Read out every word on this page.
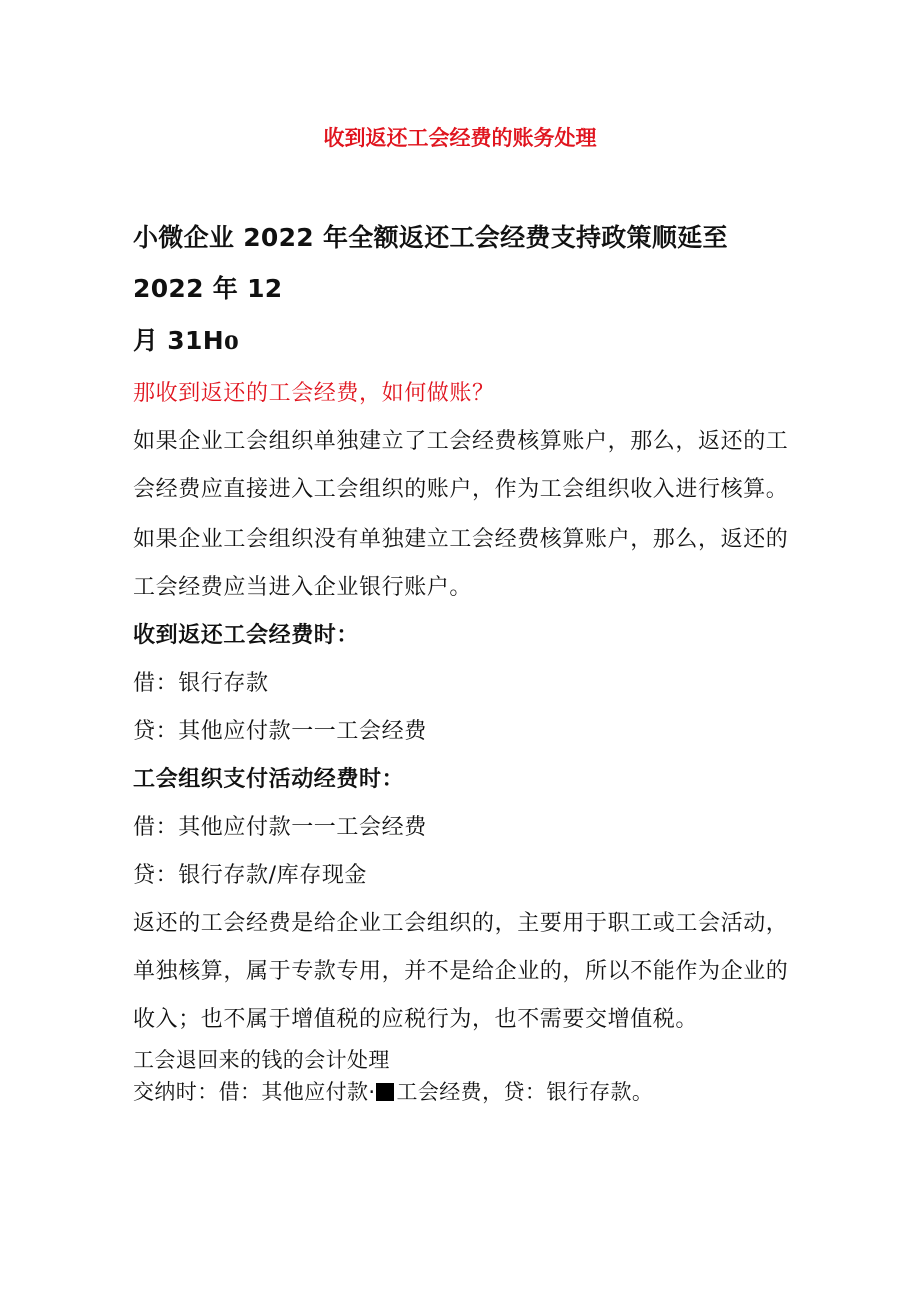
收到返还工会经费的账务处理
小微企业 2022 年全额返还工会经费支持政策顺延至 2022 年 12
月 31Ho

那收到返还的工会经费，如何做账？

如果企业工会组织单独建立了工会经费核算账户，那么，返还的工会经费应直接进入工会组织的账户，作为工会组织收入进行核算。

如果企业工会组织没有单独建立工会经费核算账户，那么，返还的工会经费应当进入企业银行账户。

收到返还工会经费时：

借：银行存款

贷：其他应付款一一工会经费

工会组织支付活动经费时：

借：其他应付款一一工会经费

贷：银行存款/库存现金

返还的工会经费是给企业工会组织的，主要用于职工或工会活动，单独核算，属于专款专用，并不是给企业的，所以不能作为企业的收入；也不属于增值税的应税行为，也不需要交增值税。

工会退回来的钱的会计处理

交纳时：借：其他应付款· 工会经费，贷：银行存款。
